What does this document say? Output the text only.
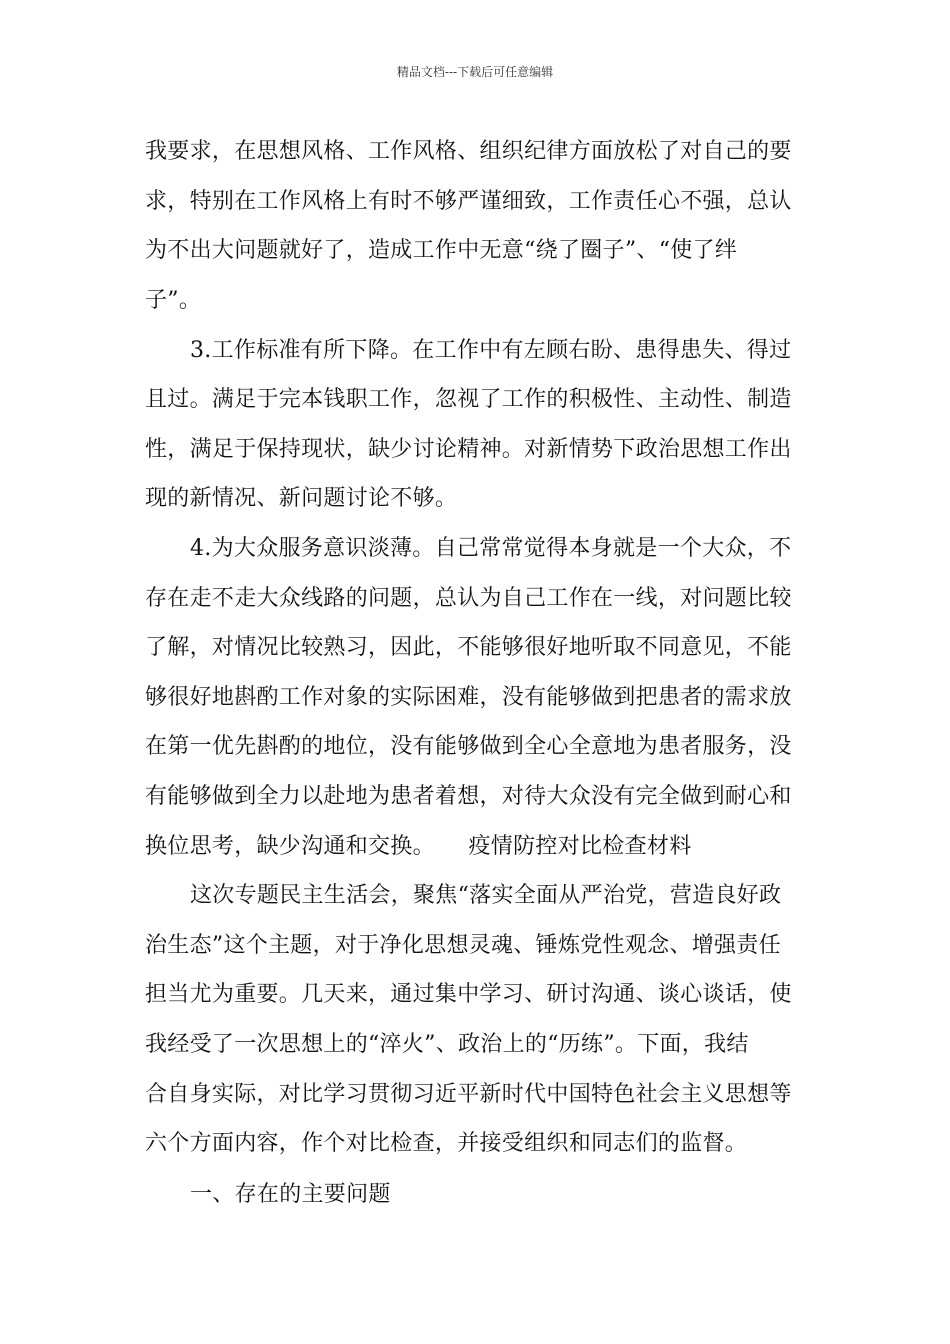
精品文档---下载后可任意编辑
我要求，在思想风格、工作风格、组织纪律方面放松了对自己的要
求，特别在工作风格上有时不够严谨细致，工作责任心不强，总认
为不出大问题就好了，造成工作中无意“绕了圈子”、“使了绊
子”。
3.工作标准有所下降。在工作中有左顾右盼、患得患失、得过
且过。满足于完本钱职工作，忽视了工作的积极性、主动性、制造
性，满足于保持现状，缺少讨论精神。对新情势下政治思想工作出
现的新情况、新问题讨论不够。
4.为大众服务意识淡薄。自己常常觉得本身就是一个大众，不
存在走不走大众线路的问题，总认为自己工作在一线，对问题比较
了解，对情况比较熟习，因此，不能够很好地听取不同意见，不能
够很好地斟酌工作对象的实际困难，没有能够做到把患者的需求放
在第一优先斟酌的地位，没有能够做到全心全意地为患者服务，没
有能够做到全力以赴地为患者着想，对待大众没有完全做到耐心和
换位思考，缺少沟通和交换。　　疫情防控对比检查材料
这次专题民主生活会，聚焦“落实全面从严治党，营造良好政
治生态”这个主题，对于净化思想灵魂、锤炼党性观念、增强责任
担当尤为重要。几天来，通过集中学习、研讨沟通、谈心谈话，使
我经受了一次思想上的“淬火”、政治上的“历练”。下面，我结
合自身实际，对比学习贯彻习近平新时代中国特色社会主义思想等
六个方面内容，作个对比检查，并接受组织和同志们的监督。
一、存在的主要问题
